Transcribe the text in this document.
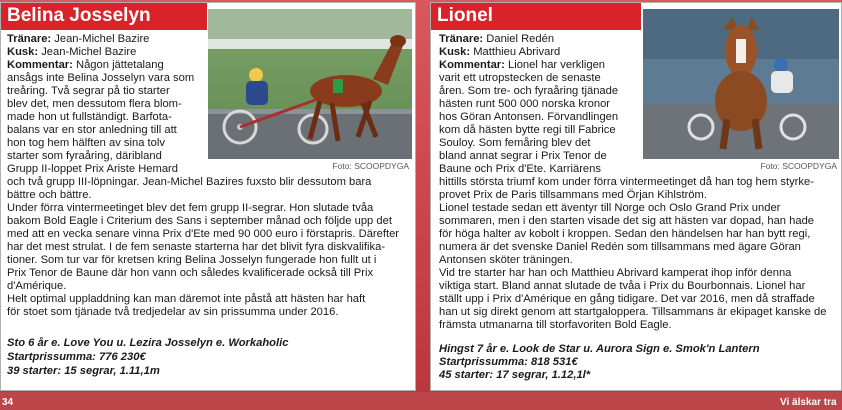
Belina Josselyn
Foto: SCOOPDYGA
Tränare: Jean-Michel Bazire
Kusk: Jean-Michel Bazire
Kommentar: Någon jättetalang
ansågs inte Belina Josselyn vara som
treåring. Två segrar på tio starter
blev det, men dessutom flera blom-
made hon ut fullständigt. Barfota-
balans var en stor anledning till att
hon tog hem hälften av sina tolv
starter som fyraåring, däribland
Grupp II-loppet Prix Ariste Hemard
och två grupp III-löpningar. Jean-Michel Bazires fuxsto blir dessutom bara
bättre och bättre.
Under förra vintermeetinget blev det fem grupp II-segrar. Hon slutade tvåa
bakom Bold Eagle i Criterium des Sans i september månad och följde upp det
med att en vecka senare vinna Prix d'Ete med 90 000 euro i förstapris. Därefter
har det mest strulat. I de fem senaste starterna har det blivit fyra diskvalifika-
tioner. Som tur var för kretsen kring Belina Josselyn fungerade hon fullt ut i
Prix Tenor de Baune där hon vann och således kvalificerade också till Prix
d'Amérique.
Helt optimal uppladdning kan man däremot inte påstå att hästen har haft
för stoet som tjänade två tredjedelar av sin prissumma under 2016.
Sto 6 år e. Love You u. Lezira Josselyn e. Workaholic
Startprissumma: 776 230€
39 starter: 15 segrar, 1.11,1m
Lionel
Foto: SCOOPDYGA
Tränare: Daniel Redén
Kusk: Matthieu Abrivard
Kommentar: Lionel har verkligen
varit ett utropstecken de senaste
åren. Som tre- och fyraåring tjänade
hästen runt 500 000 norska kronor
hos Göran Antonsen. Förvandlingen
kom då hästen bytte regi till Fabrice
Souloy. Som femåring blev det
bland annat segrar i Prix Tenor de
Baune och Prix d'Ete. Karriärens
hittills största triumf kom under förra vintermeetinget då han tog hem styrke-
provet Prix de Paris tillsammans med Örjan Kihlström.
Lionel testade sedan ett äventyr till Norge och Oslo Grand Prix under
sommaren, men i den starten visade det sig att hästen var dopad, han hade
för höga halter av kobolt i kroppen. Sedan den händelsen har han bytt regi,
numera är det svenske Daniel Redén som tillsammans med ägare Göran
Antonsen sköter träningen.
Vid tre starter har han och Matthieu Abrivard kamperat ihop inför denna
viktiga start. Bland annat slutade de tvåa i Prix du Bourbonnais. Lionel har
ställt upp i Prix d'Amérique en gång tidigare. Det var 2016, men då straffade
han ut sig direkt genom att startgaloppera. Tillsammans är ekipaget kanske de
främsta utmanarna till storfavoriten Bold Eagle.
Hingst 7 år e. Look de Star u. Aurora Sign e. Smok'n Lantern
Startprissumma: 818 531€
45 starter: 17 segrar, 1.12,1l*
34	Vi älskar tra
